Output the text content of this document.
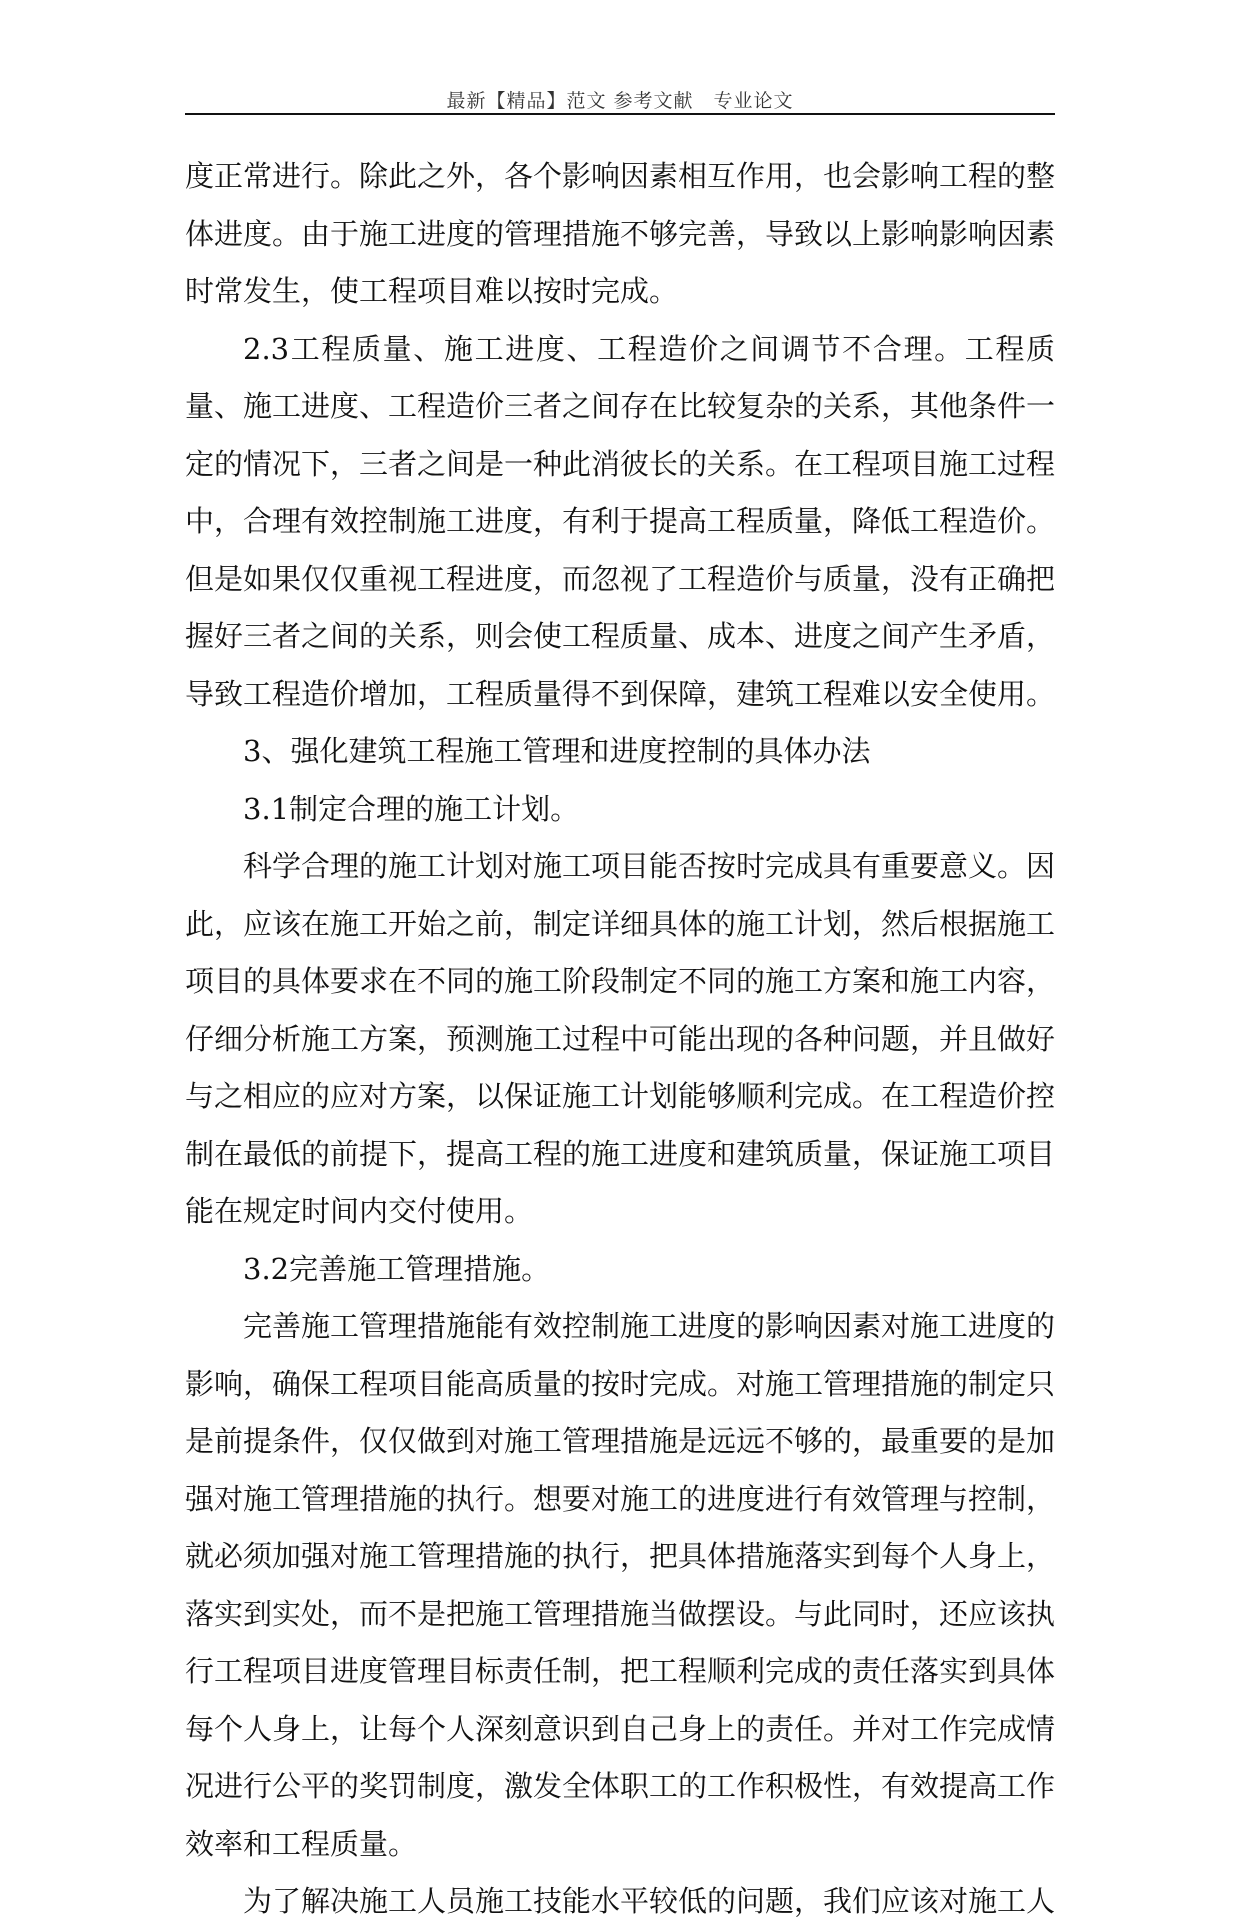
最新【精品】范文 参考文献　专业论文

度正常进行。除此之外，各个影响因素相互作用，也会影响工程的整体进度。由于施工进度的管理措施不够完善，导致以上影响影响因素时常发生，使工程项目难以按时完成。

2.3工程质量、施工进度、工程造价之间调节不合理。工程质量、施工进度、工程造价三者之间存在比较复杂的关系，其他条件一定的情况下，三者之间是一种此消彼长的关系。在工程项目施工过程中，合理有效控制施工进度，有利于提高工程质量，降低工程造价。但是如果仅仅重视工程进度，而忽视了工程造价与质量，没有正确把握好三者之间的关系，则会使工程质量、成本、进度之间产生矛盾，导致工程造价增加，工程质量得不到保障，建筑工程难以安全使用。

3、强化建筑工程施工管理和进度控制的具体办法

3.1制定合理的施工计划。

科学合理的施工计划对施工项目能否按时完成具有重要意义。因此，应该在施工开始之前，制定详细具体的施工计划，然后根据施工项目的具体要求在不同的施工阶段制定不同的施工方案和施工内容，仔细分析施工方案，预测施工过程中可能出现的各种问题，并且做好与之相应的应对方案，以保证施工计划能够顺利完成。在工程造价控制在最低的前提下，提高工程的施工进度和建筑质量，保证施工项目能在规定时间内交付使用。

3.2完善施工管理措施。

完善施工管理措施能有效控制施工进度的影响因素对施工进度的影响，确保工程项目能高质量的按时完成。对施工管理措施的制定只是前提条件，仅仅做到对施工管理措施是远远不够的，最重要的是加强对施工管理措施的执行。想要对施工的进度进行有效管理与控制，就必须加强对施工管理措施的执行，把具体措施落实到每个人身上，落实到实处，而不是把施工管理措施当做摆设。与此同时，还应该执行工程项目进度管理目标责任制，把工程顺利完成的责任落实到具体每个人身上，让每个人深刻意识到自己身上的责任。并对工作完成情况进行公平的奖罚制度，激发全体职工的工作积极性，有效提高工作效率和工程质量。

为了解决施工人员施工技能水平较低的问题，我们应该对施工人
